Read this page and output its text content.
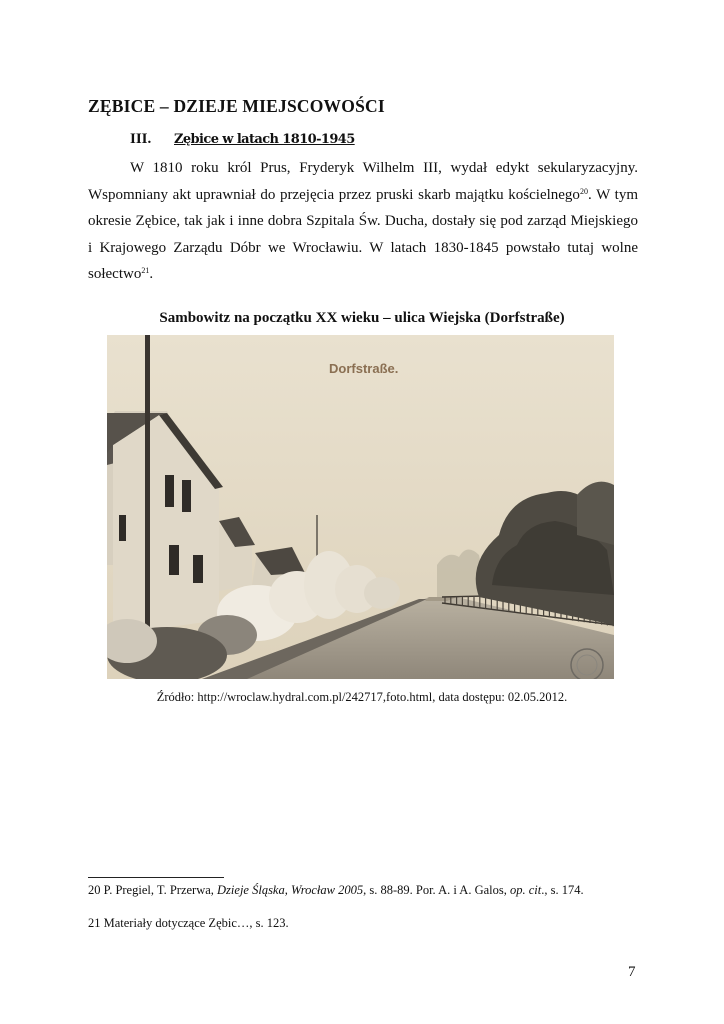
ZĘBICE – DZIEJE MIEJSCOWOŚCI
III. Zębice w latach 1810-1945
W 1810 roku król Prus, Fryderyk Wilhelm III, wydał edykt sekularyzacyjny. Wspomniany akt uprawniał do przejęcia przez pruski skarb majątku kościelnego$^{20}$. W tym okresie Zębice, tak jak i inne dobra Szpitala Św. Ducha, dostały się pod zarząd Miejskiego i Krajowego Zarządu Dóbr we Wrocławiu. W latach 1830-1845 powstało tutaj wolne sołectwo$^{21}$.
Sambowitz na początku XX wieku – ulica Wiejska (Dorfstraße)
Dorfstraße.
Źródło: http://wroclaw.hydral.com.pl/242717,foto.html, data dostępu: 02.05.2012.
20 P. Pregiel, T. Przerwa, Dzieje Śląska, Wrocław 2005, s. 88-89. Por. A. i A. Galos, op. cit., s. 174.
21 Materiały dotyczące Zębic…, s. 123.
7
